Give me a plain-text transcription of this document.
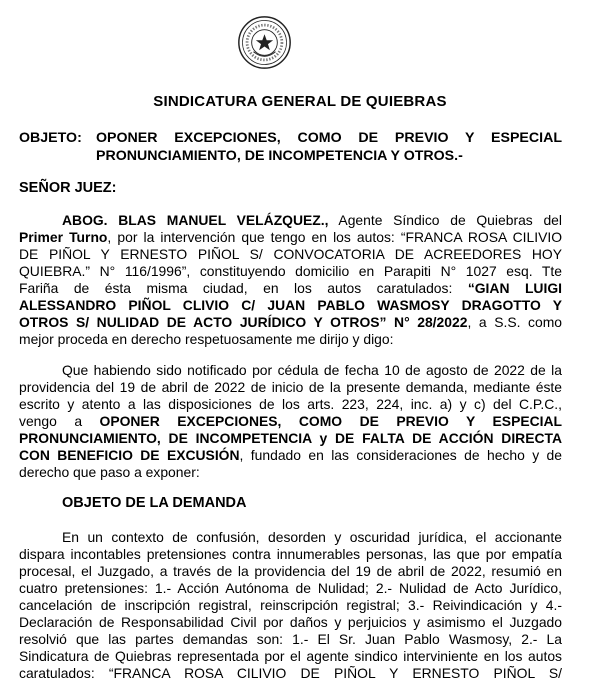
SINDICATURA GENERAL DE QUIEBRAS
OBJETO: OPONER EXCEPCIONES, COMO DE PREVIO Y ESPECIAL
PRONUNCIAMIENTO, DE INCOMPETENCIA Y OTROS.-
SEÑOR JUEZ:
ABOG. BLAS MANUEL VELÁZQUEZ., Agente Síndico de Quiebras del
Primer Turno, por la intervención que tengo en los autos: “FRANCA ROSA CILIVIO
DE PIÑOL Y ERNESTO PIÑOL S/ CONVOCATORIA DE ACREEDORES HOY
QUIEBRA.” N° 116/1996”, constituyendo domicilio en Parapiti N° 1027 esq. Tte
Fariña de ésta misma ciudad, en los autos caratulados: “GIAN LUIGI
ALESSANDRO PIÑOL CLIVIO C/ JUAN PABLO WASMOSY DRAGOTTO Y
OTROS S/ NULIDAD DE ACTO JURÍDICO Y OTROS” N° 28/2022, a S.S. como
mejor proceda en derecho respetuosamente me dirijo y digo:
Que habiendo sido notificado por cédula de fecha 10 de agosto de 2022 de la
providencia del 19 de abril de 2022 de inicio de la presente demanda, mediante éste
escrito y atento a las disposiciones de los arts. 223, 224, inc. a) y c) del C.P.C.,
vengo a OPONER EXCEPCIONES, COMO DE PREVIO Y ESPECIAL
PRONUNCIAMIENTO, DE INCOMPETENCIA y DE FALTA DE ACCIÓN DIRECTA
CON BENEFICIO DE EXCUSIÓN, fundado en las consideraciones de hecho y de
derecho que paso a exponer:
OBJETO DE LA DEMANDA
En un contexto de confusión, desorden y oscuridad jurídica, el accionante
dispara incontables pretensiones contra innumerables personas, las que por empatía
procesal, el Juzgado, a través de la providencia del 19 de abril de 2022, resumió en
cuatro pretensiones: 1.- Acción Autónoma de Nulidad; 2.- Nulidad de Acto Jurídico,
cancelación de inscripción registral, reinscripción registral; 3.- Reivindicación y 4.-
Declaración de Responsabilidad Civil por daños y perjuicios y asimismo el Juzgado
resolvió que las partes demandas son: 1.- El Sr. Juan Pablo Wasmosy, 2.- La
Sindicatura de Quiebras representada por el agente sindico interviniente en los autos
caratulados: “FRANCA ROSA CILIVIO DE PIÑOL Y ERNESTO PIÑOL S/
